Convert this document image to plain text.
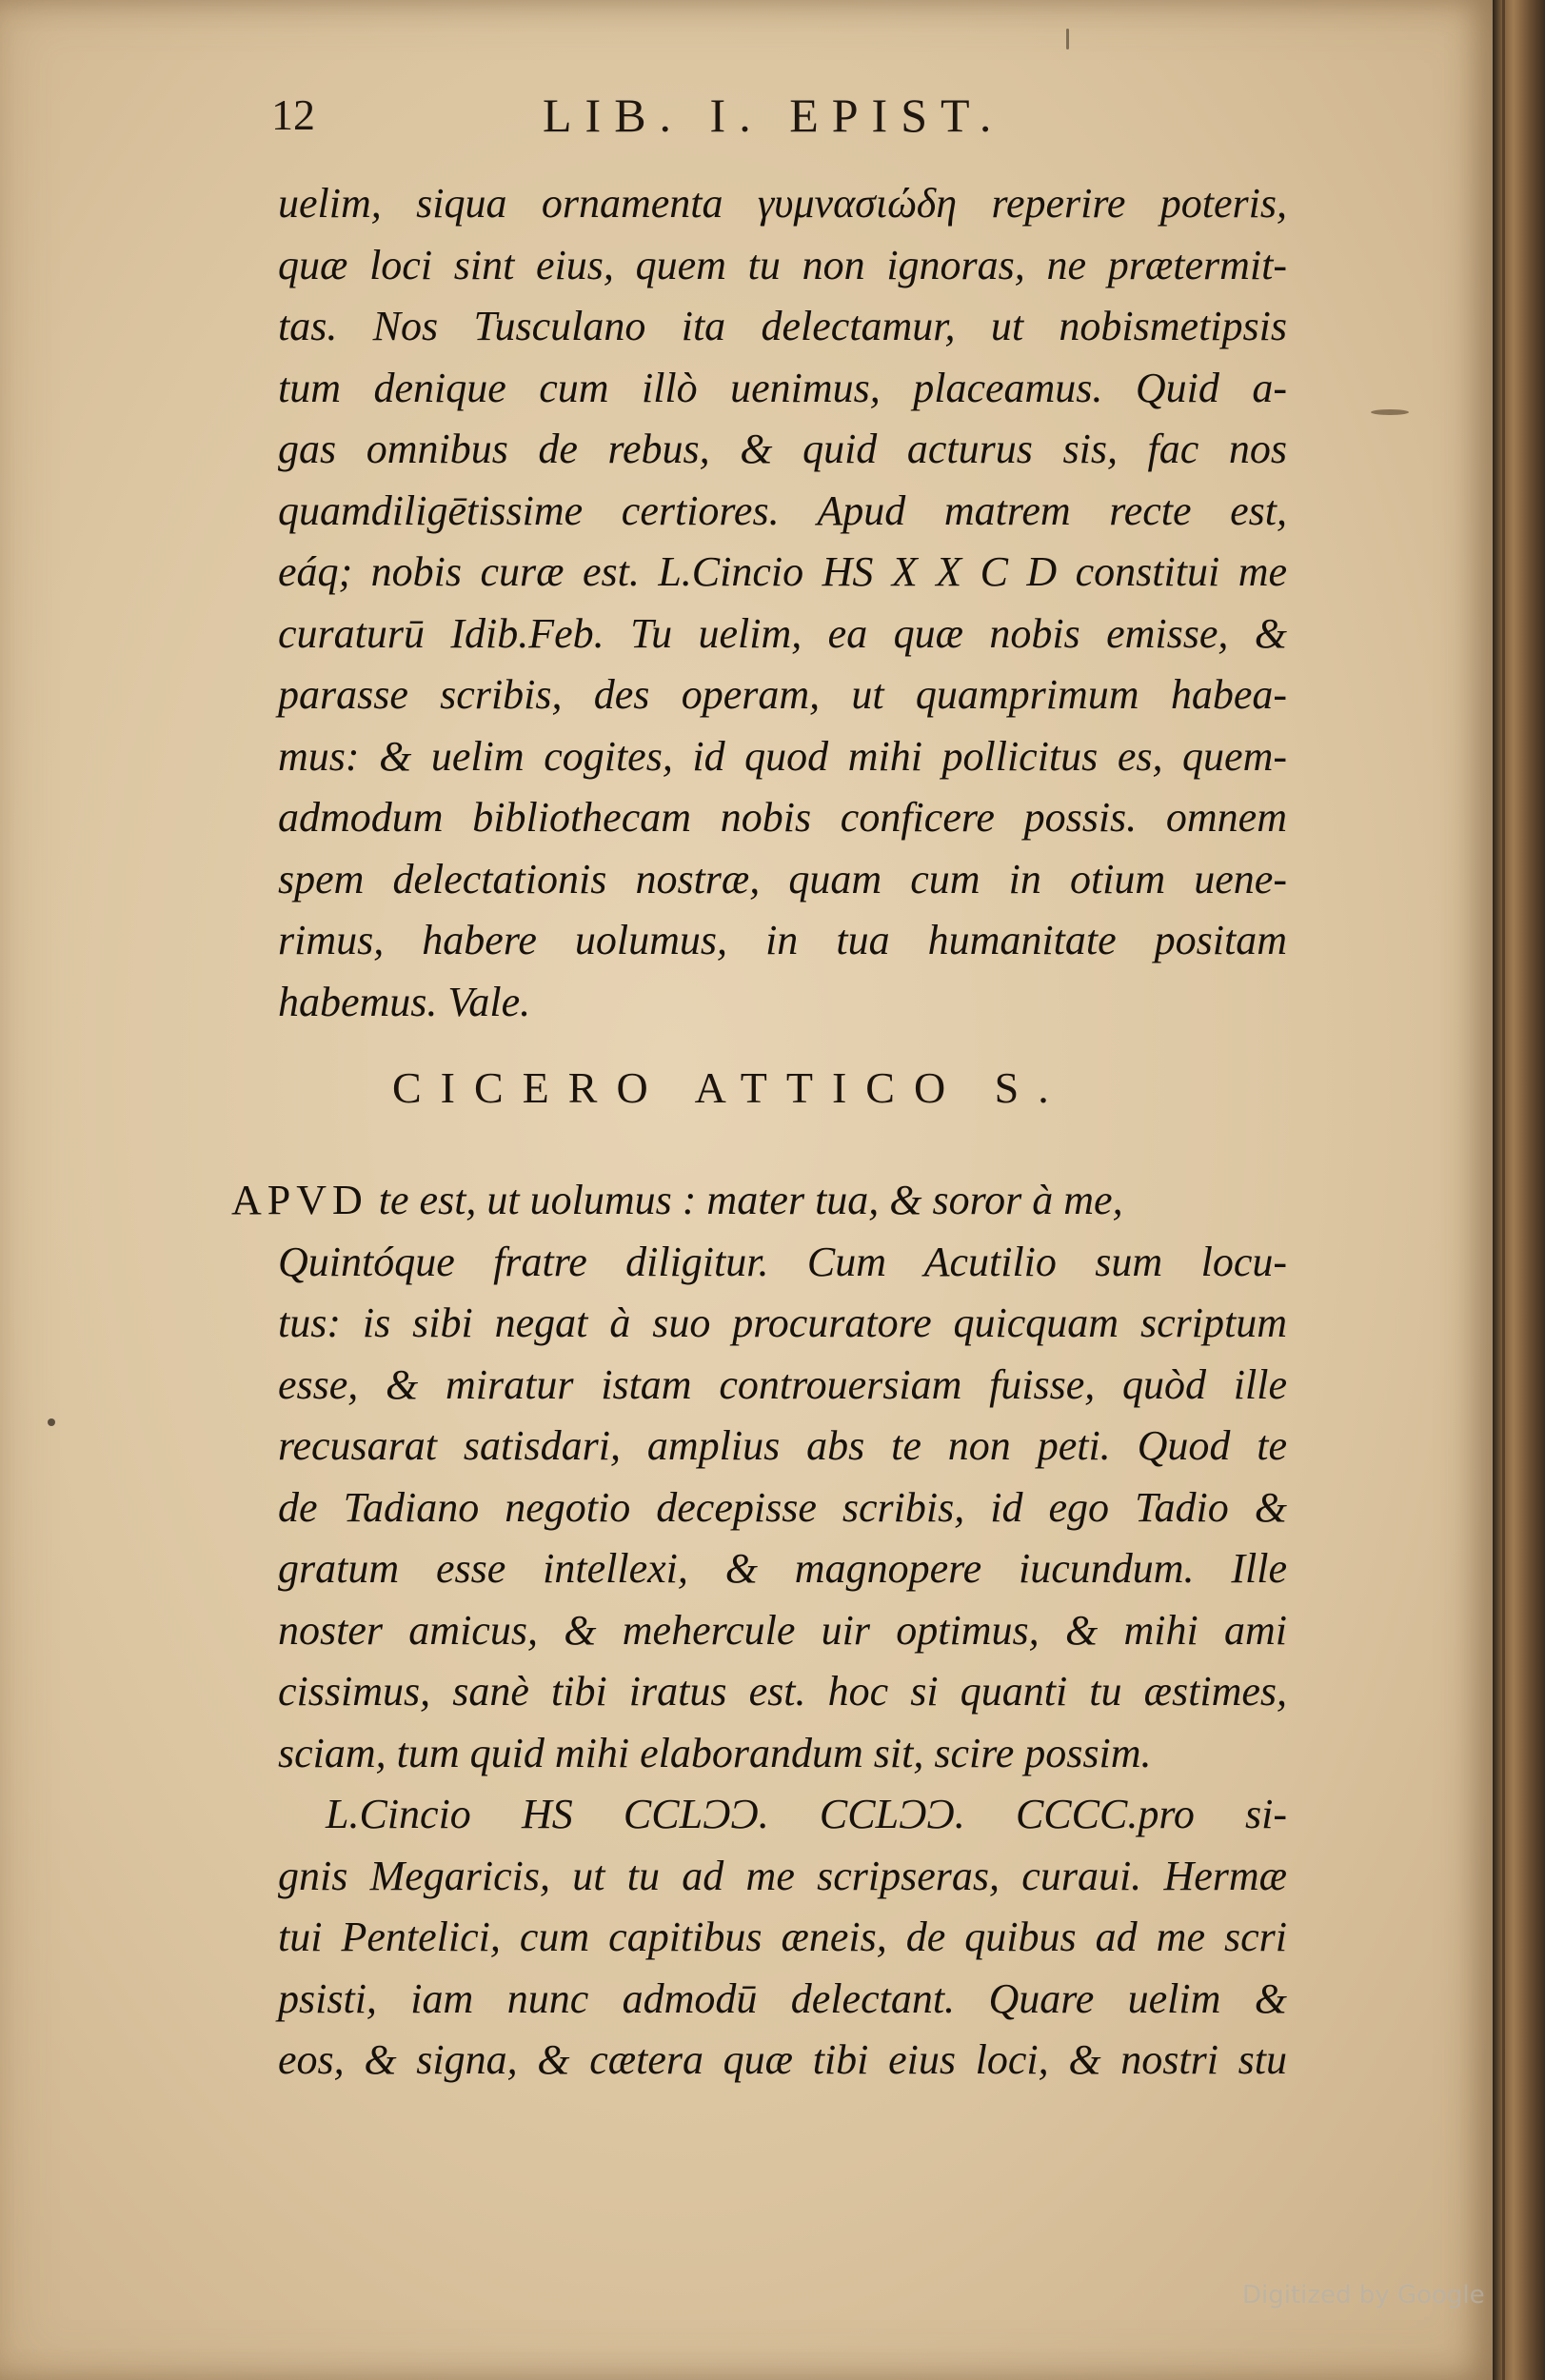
12	LIB. I. EPIST.
uelim, siqua ornamenta γυμνασιώδη reperire poteris,
quæ loci sint eius, quem tu non ignoras, ne prætermit-
tas. Nos Tusculano ita delectamur, ut nobismetipsis
tum denique cum illò uenimus, placeamus. Quid a-
gas omnibus de rebus, & quid acturus sis, fac nos
quamdiligētissime certiores. Apud matrem recte est,
eáq; nobis curæ est. L.Cincio HS X X C D constitui me
curaturū Idib.Feb. Tu uelim, ea quæ nobis emisse, &
parasse scribis, des operam, ut quamprimum habea-
mus: & uelim cogites, id quod mihi pollicitus es, quem-
admodum bibliothecam nobis conficere possis. omnem
spem delectationis nostræ, quam cum in otium uene-
rimus, habere uolumus, in tua humanitate positam
habemus. Vale.
CICERO ATTICO S.
APVD te est, ut uolumus : mater tua, & soror à me,
Quintóque fratre diligitur. Cum Acutilio sum locu-
tus: is sibi negat à suo procuratore quicquam scriptum
esse, & miratur istam controuersiam fuisse, quòd ille
recusarat satisdari, amplius abs te non peti. Quod te
de Tadiano negotio decepisse scribis, id ego Tadio &
gratum esse intellexi, & magnopere iucundum. Ille
noster amicus, & mehercule uir optimus, & mihi ami
cissimus, sanè tibi iratus est. hoc si quanti tu æstimes,
sciam, tum quid mihi elaborandum sit, scire possim.
L.Cincio HS CCLƆƆ. CCLƆƆ. CCCC.pro si-
gnis Megaricis, ut tu ad me scripseras, curaui. Hermæ
tui Pentelici, cum capitibus æneis, de quibus ad me scri
psisti, iam nunc admodū delectant. Quare uelim &
eos, & signa, & cætera quæ tibi eius loci, & nostri stu
Digitized by Google
